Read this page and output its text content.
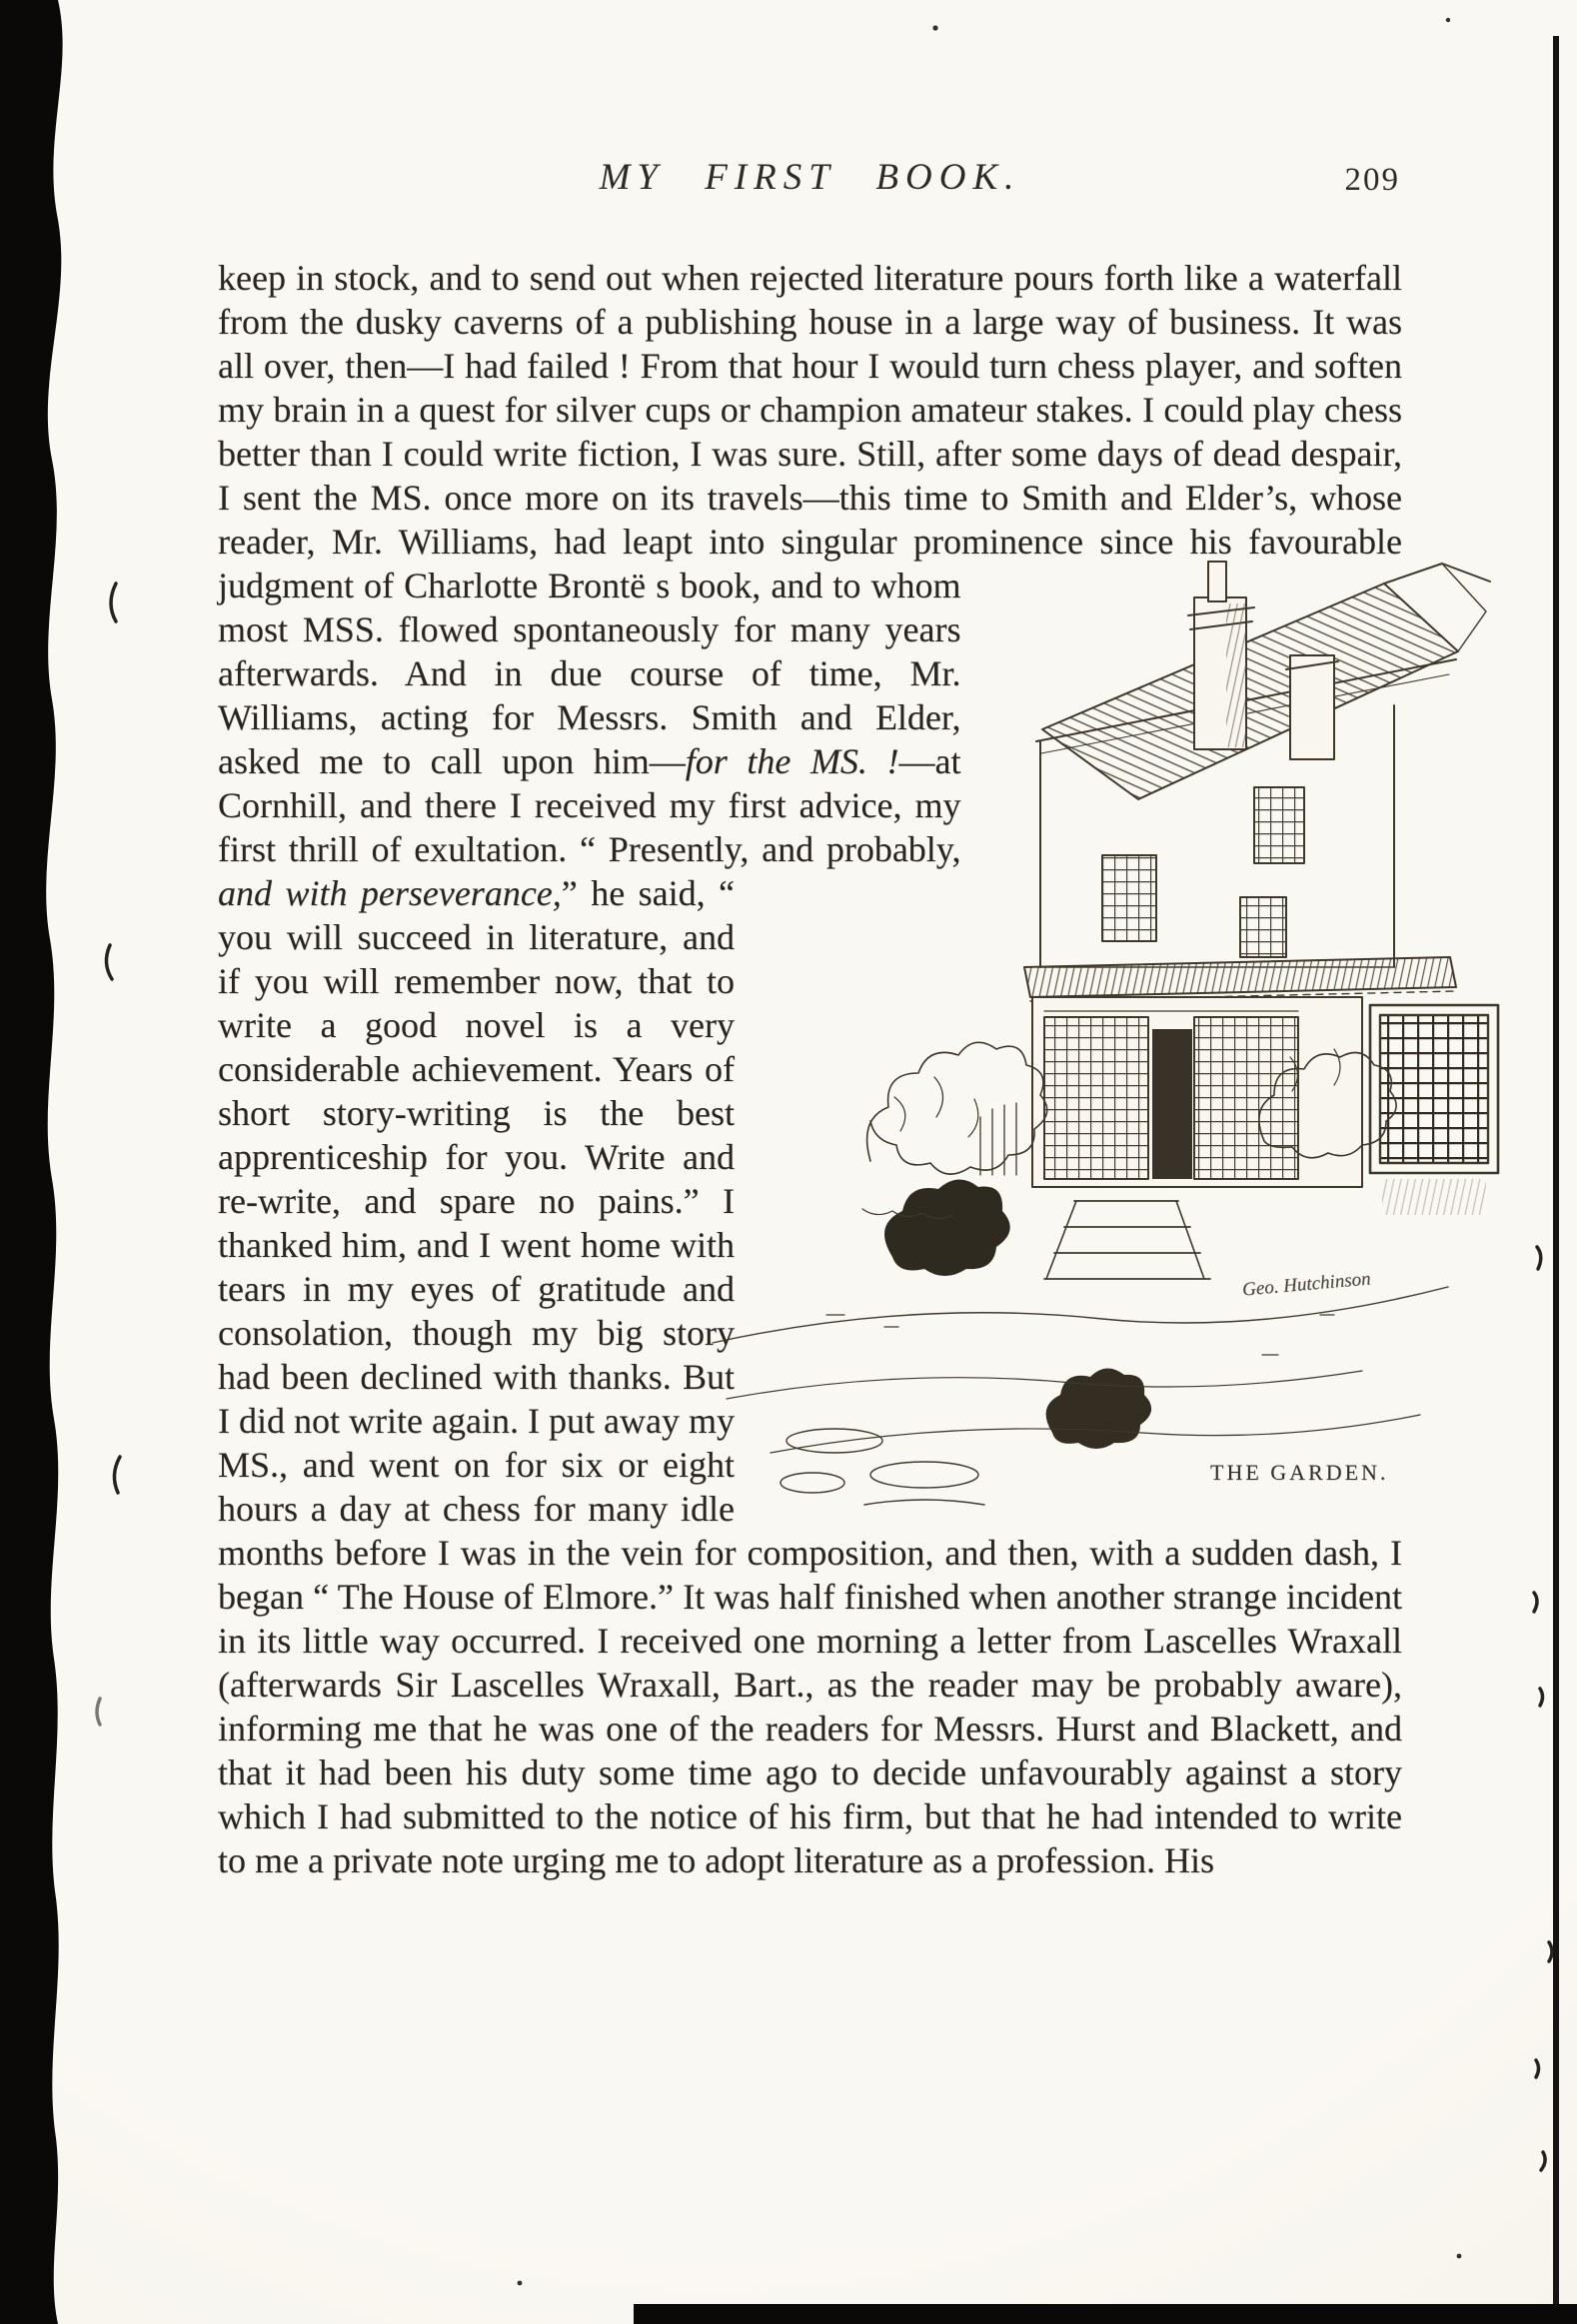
MY FIRST BOOK.	209

keep in stock, and to send out when rejected literature pours forth like a waterfall from the dusky caverns of a publishing house in a large way of business. It was all over, then—I had failed ! From that hour I would turn chess player, and soften my brain in a quest for silver cups or champion amateur stakes. I could play chess better than I could write fiction, I was sure. Still, after some days of dead despair, I sent the MS. once more on its travels—this time to Smith and Elder’s, whose reader, Mr. Williams, had leapt into singular prominence since his favourable
Geo. Hutchinson
THE GARDEN.
judgment of Charlotte Brontë s book, and to whom most MSS. flowed spontaneously for many years afterwards. And in due course of time, Mr. Williams, acting for Messrs. Smith and Elder, asked me to call upon him—for the MS. !—at Cornhill, and there I received my first advice, my first thrill of exultation. “ Presently, and probably, and with perseverance,” he said, “ you will succeed in literature, and if you will remember now, that to write a good novel is a very considerable achievement. Years of short story-writing is the best apprenticeship for you. Write and re-write, and spare no pains.” I thanked him, and I went home with tears in my eyes of gratitude and consolation, though my big story had been declined with thanks. But I did not write again. I put away my MS., and went on for six or eight hours a day at chess for many idle months before I was in the vein for composition, and then, with a sudden dash, I began “ The House of Elmore.” It was half finished when another strange incident in its little way occurred. I received one morning a letter from Lascelles Wraxall (afterwards Sir Lascelles Wraxall, Bart., as the reader may be probably aware), informing me that he was one of the readers for Messrs. Hurst and Blackett, and that it had been his duty some time ago to decide unfavourably against a story which I had submitted to the notice of his firm, but that he had intended to write to me a private note urging me to adopt literature as a profession. His
